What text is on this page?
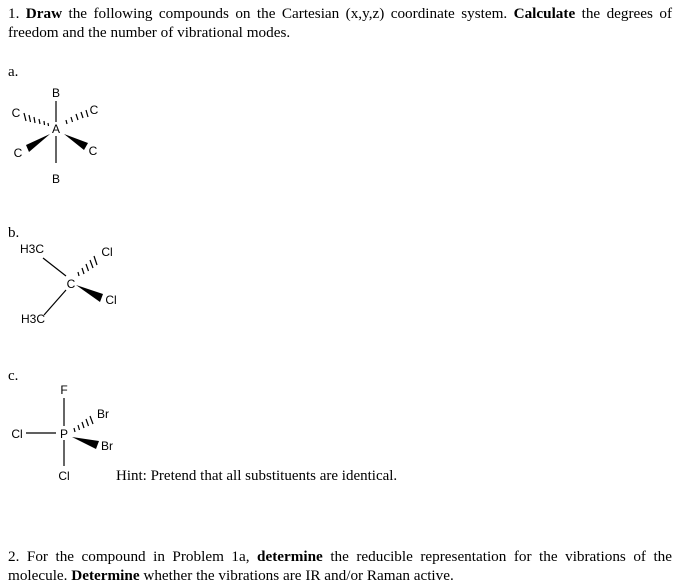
1. Draw the following compounds on the Cartesian (x,y,z) coordinate system. Calculate the degrees of freedom and the number of vibrational modes.
a.
b.
c.
B
B
A
C
C
C
C
H3C
H3C
C
Cl
Cl
F
P
Cl
Cl
Br
Br
Hint: Pretend that all substituents are identical.
2. For the compound in Problem 1a, determine the reducible representation for the vibrations of the molecule. Determine whether the vibrations are IR and/or Raman active.
